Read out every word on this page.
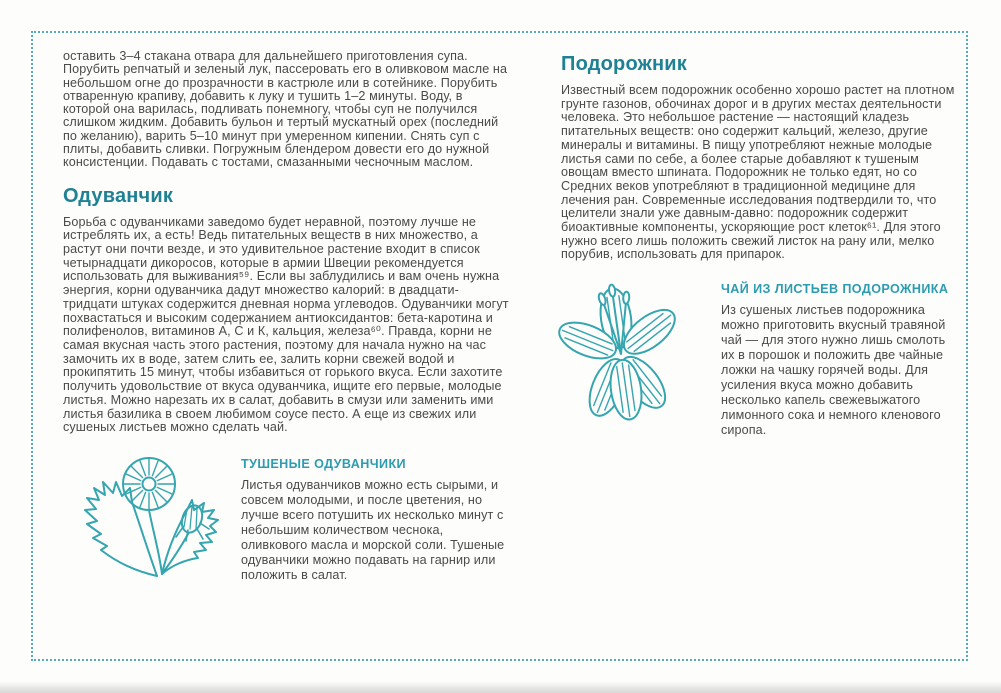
оставить 3–4 стакана отвара для дальнейшего приготовления супа. Порубить репчатый и зеленый лук, пассеровать его в оливковом масле на небольшом огне до прозрачности в кастрюле или в сотейнике. Порубить отваренную крапиву, добавить к луку и тушить 1–2 минуты. Воду, в которой она варилась, подливать понемногу, чтобы суп не получился слишком жидким. Добавить бульон и тертый мускатный орех (последний по желанию), варить 5–10 минут при умеренном кипении. Снять суп с плиты, добавить сливки. Погружным блендером довести его до нужной консистенции. Подавать с тостами, смазанными чесночным маслом.

Одуванчик

Борьба с одуванчиками заведомо будет неравной, поэтому лучше не истреблять их, а есть! Ведь питательных веществ в них множество, а растут они почти везде, и это удивительное растение входит в список четырнадцати дикоросов, которые в армии Швеции рекомендуется использовать для выживания⁵⁹. Если вы заблудились и вам очень нужна энергия, корни одуванчика дадут множество калорий: в двадцати-тридцати штуках содержится дневная норма углеводов. Одуванчики могут похвастаться и высоким содержанием антиоксидантов: бета-каротина и полифенолов, витаминов А, С и К, кальция, железа⁶⁰. Правда, корни не самая вкусная часть этого растения, поэтому для начала нужно на час замочить их в воде, затем слить ее, залить корни свежей водой и прокипятить 15 минут, чтобы избавиться от горького вкуса. Если захотите получить удовольствие от вкуса одуванчика, ищите его первые, молодые листья. Можно нарезать их в салат, добавить в смузи или заменить ими листья базилика в своем любимом соусе песто. А еще из свежих или сушеных листьев можно сделать чай.

ТУШЕНЫЕ ОДУВАНЧИКИ

Листья одуванчиков можно есть сырыми, и совсем молодыми, и после цветения, но лучше всего потушить их несколько минут с небольшим количеством чеснока, оливкового масла и морской соли. Тушеные одуванчики можно подавать на гарнир или положить в салат.

Подорожник

Известный всем подорожник особенно хорошо растет на плотном грунте газонов, обочинах дорог и в других местах деятельности человека. Это небольшое растение — настоящий кладезь питательных веществ: оно содержит кальций, железо, другие минералы и витамины. В пищу употребляют нежные молодые листья сами по себе, а более старые добавляют к тушеным овощам вместо шпината. Подорожник не только едят, но со Средних веков употребляют в традиционной медицине для лечения ран. Современные исследования подтвердили то, что целители знали уже давным-давно: подорожник содержит биоактивные компоненты, ускоряющие рост клеток⁶¹. Для этого нужно всего лишь положить свежий листок на рану или, мелко порубив, использовать для припарок.

ЧАЙ ИЗ ЛИСТЬЕВ ПОДОРОЖНИКА

Из сушеных листьев подорожника можно приготовить вкусный травяной чай — для этого нужно лишь смолоть их в порошок и положить две чайные ложки на чашку горячей воды. Для усиления вкуса можно добавить несколько капель свежевыжатого лимонного сока и немного кленового сиропа.
